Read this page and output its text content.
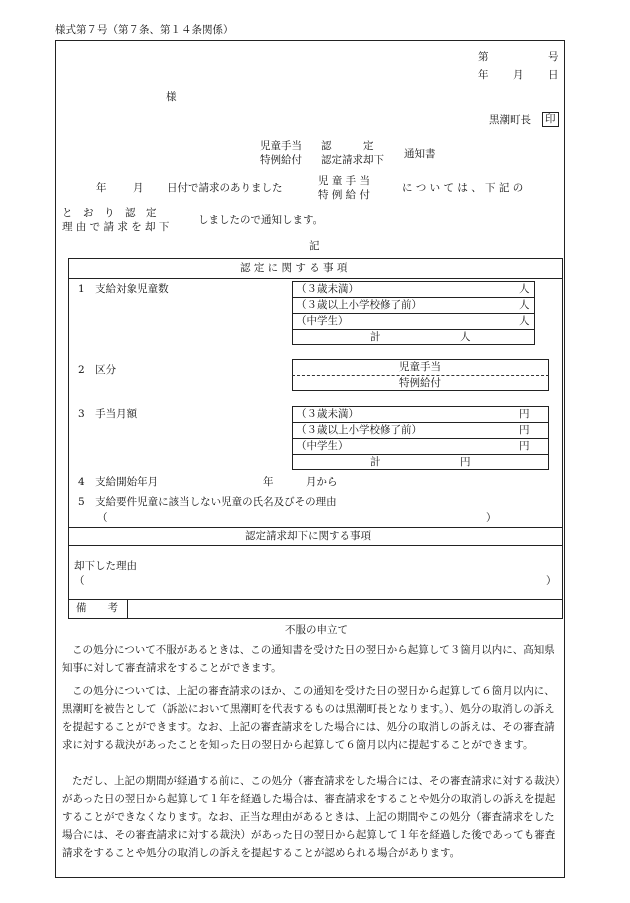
様式第７号（第７条、第１４条関係）
第	号
年 月 日
様
黒潮町長 印
児童手当
特例給付
認　　　定
認定請求却下 通知書
年	月 日付で請求のありました
児 童 手 当
特 例 給 付
に つ い て は 、 下 記 の
と　お　り　認　定
理 由 で 請 求 を 却 下
しましたので通知します。
記
認 定 に 関 す る 事 項
1　支給対象児童数	（３歳未満）	人
（３歳以上小学校修了前）	人
（中学生）	人
計	人
2　区分	児童手当
特例給付
3　手当月額	（３歳未満）	円
（３歳以上小学校修了前）	円
（中学生）	円
計	円
4　支給開始年月	年	月から
5　支給要件児童に該当しない児童の氏名及びその理由
（	）
認定請求却下に関する事項
却下した理由
（	）
備　　考
不服の申立て
この処分について不服があるときは、この通知書を受けた日の翌日から起算して３箇月以内に、高知県知事に対して審査請求をすることができます。
この処分については、上記の審査請求のほか、この通知を受けた日の翌日から起算して６箇月以内に、黒潮町を被告として（訴訟において黒潮町を代表するものは黒潮町長となります。）、処分の取消しの訴えを提起することができます。なお、上記の審査請求をした場合には、処分の取消しの訴えは、その審査請求に対する裁決があったことを知った日の翌日から起算して６箇月以内に提起することができます。
ただし、上記の期間が経過する前に、この処分（審査請求をした場合には、その審査請求に対する裁決）があった日の翌日から起算して１年を経過した場合は、審査請求をすることや処分の取消しの訴えを提起することができなくなります。なお、正当な理由があるときは、上記の期間やこの処分（審査請求をした場合には、その審査請求に対する裁決）があった日の翌日から起算して１年を経過した後であっても審査請求をすることや処分の取消しの訴えを提起することが認められる場合があります。
